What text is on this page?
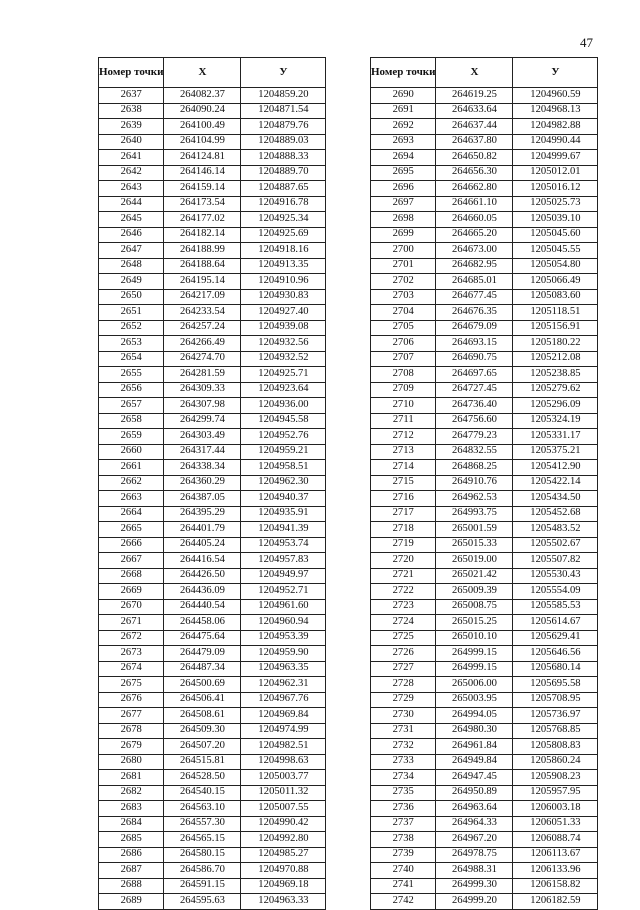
47
Номер точки	Х	У
2637	264082.37	1204859.20
2638	264090.24	1204871.54
2639	264100.49	1204879.76
2640	264104.99	1204889.03
2641	264124.81	1204888.33
2642	264146.14	1204889.70
2643	264159.14	1204887.65
2644	264173.54	1204916.78
2645	264177.02	1204925.34
2646	264182.14	1204925.69
2647	264188.99	1204918.16
2648	264188.64	1204913.35
2649	264195.14	1204910.96
2650	264217.09	1204930.83
2651	264233.54	1204927.40
2652	264257.24	1204939.08
2653	264266.49	1204932.56
2654	264274.70	1204932.52
2655	264281.59	1204925.71
2656	264309.33	1204923.64
2657	264307.98	1204936.00
2658	264299.74	1204945.58
2659	264303.49	1204952.76
2660	264317.44	1204959.21
2661	264338.34	1204958.51
2662	264360.29	1204962.30
2663	264387.05	1204940.37
2664	264395.29	1204935.91
2665	264401.79	1204941.39
2666	264405.24	1204953.74
2667	264416.54	1204957.83
2668	264426.50	1204949.97
2669	264436.09	1204952.71
2670	264440.54	1204961.60
2671	264458.06	1204960.94
2672	264475.64	1204953.39
2673	264479.09	1204959.90
2674	264487.34	1204963.35
2675	264500.69	1204962.31
2676	264506.41	1204967.76
2677	264508.61	1204969.84
2678	264509.30	1204974.99
2679	264507.20	1204982.51
2680	264515.81	1204998.63
2681	264528.50	1205003.77
2682	264540.15	1205011.32
2683	264563.10	1205007.55
2684	264557.30	1204990.42
2685	264565.15	1204992.80
2686	264580.15	1204985.27
2687	264586.70	1204970.88
2688	264591.15	1204969.18
2689	264595.63	1204963.33
Номер точки	Х	У
2690	264619.25	1204960.59
2691	264633.64	1204968.13
2692	264637.44	1204982.88
2693	264637.80	1204990.44
2694	264650.82	1204999.67
2695	264656.30	1205012.01
2696	264662.80	1205016.12
2697	264661.10	1205025.73
2698	264660.05	1205039.10
2699	264665.20	1205045.60
2700	264673.00	1205045.55
2701	264682.95	1205054.80
2702	264685.01	1205066.49
2703	264677.45	1205083.60
2704	264676.35	1205118.51
2705	264679.09	1205156.91
2706	264693.15	1205180.22
2707	264690.75	1205212.08
2708	264697.65	1205238.85
2709	264727.45	1205279.62
2710	264736.40	1205296.09
2711	264756.60	1205324.19
2712	264779.23	1205331.17
2713	264832.55	1205375.21
2714	264868.25	1205412.90
2715	264910.76	1205422.14
2716	264962.53	1205434.50
2717	264993.75	1205452.68
2718	265001.59	1205483.52
2719	265015.33	1205502.67
2720	265019.00	1205507.82
2721	265021.42	1205530.43
2722	265009.39	1205554.09
2723	265008.75	1205585.53
2724	265015.25	1205614.67
2725	265010.10	1205629.41
2726	264999.15	1205646.56
2727	264999.15	1205680.14
2728	265006.00	1205695.58
2729	265003.95	1205708.95
2730	264994.05	1205736.97
2731	264980.30	1205768.85
2732	264961.84	1205808.83
2733	264949.84	1205860.24
2734	264947.45	1205908.23
2735	264950.89	1205957.95
2736	264963.64	1206003.18
2737	264964.33	1206051.33
2738	264967.20	1206088.74
2739	264978.75	1206113.67
2740	264988.31	1206133.96
2741	264999.30	1206158.82
2742	264999.20	1206182.59
